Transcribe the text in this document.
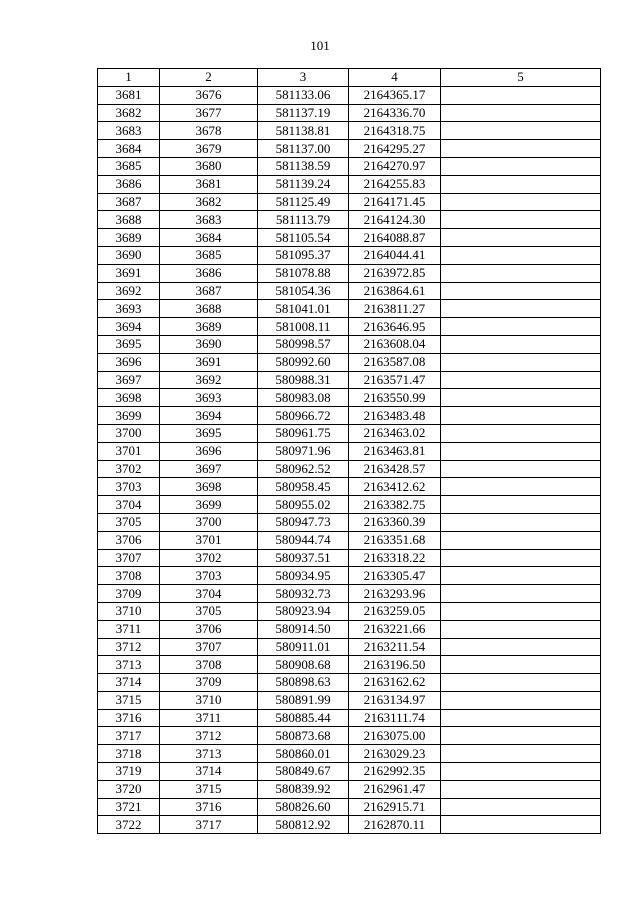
101
1	2	3	4	5
3681	3676	581133.06	2164365.17	
3682	3677	581137.19	2164336.70	
3683	3678	581138.81	2164318.75	
3684	3679	581137.00	2164295.27	
3685	3680	581138.59	2164270.97	
3686	3681	581139.24	2164255.83	
3687	3682	581125.49	2164171.45	
3688	3683	581113.79	2164124.30	
3689	3684	581105.54	2164088.87	
3690	3685	581095.37	2164044.41	
3691	3686	581078.88	2163972.85	
3692	3687	581054.36	2163864.61	
3693	3688	581041.01	2163811.27	
3694	3689	581008.11	2163646.95	
3695	3690	580998.57	2163608.04	
3696	3691	580992.60	2163587.08	
3697	3692	580988.31	2163571.47	
3698	3693	580983.08	2163550.99	
3699	3694	580966.72	2163483.48	
3700	3695	580961.75	2163463.02	
3701	3696	580971.96	2163463.81	
3702	3697	580962.52	2163428.57	
3703	3698	580958.45	2163412.62	
3704	3699	580955.02	2163382.75	
3705	3700	580947.73	2163360.39	
3706	3701	580944.74	2163351.68	
3707	3702	580937.51	2163318.22	
3708	3703	580934.95	2163305.47	
3709	3704	580932.73	2163293.96	
3710	3705	580923.94	2163259.05	
3711	3706	580914.50	2163221.66	
3712	3707	580911.01	2163211.54	
3713	3708	580908.68	2163196.50	
3714	3709	580898.63	2163162.62	
3715	3710	580891.99	2163134.97	
3716	3711	580885.44	2163111.74	
3717	3712	580873.68	2163075.00	
3718	3713	580860.01	2163029.23	
3719	3714	580849.67	2162992.35	
3720	3715	580839.92	2162961.47	
3721	3716	580826.60	2162915.71	
3722	3717	580812.92	2162870.11	
